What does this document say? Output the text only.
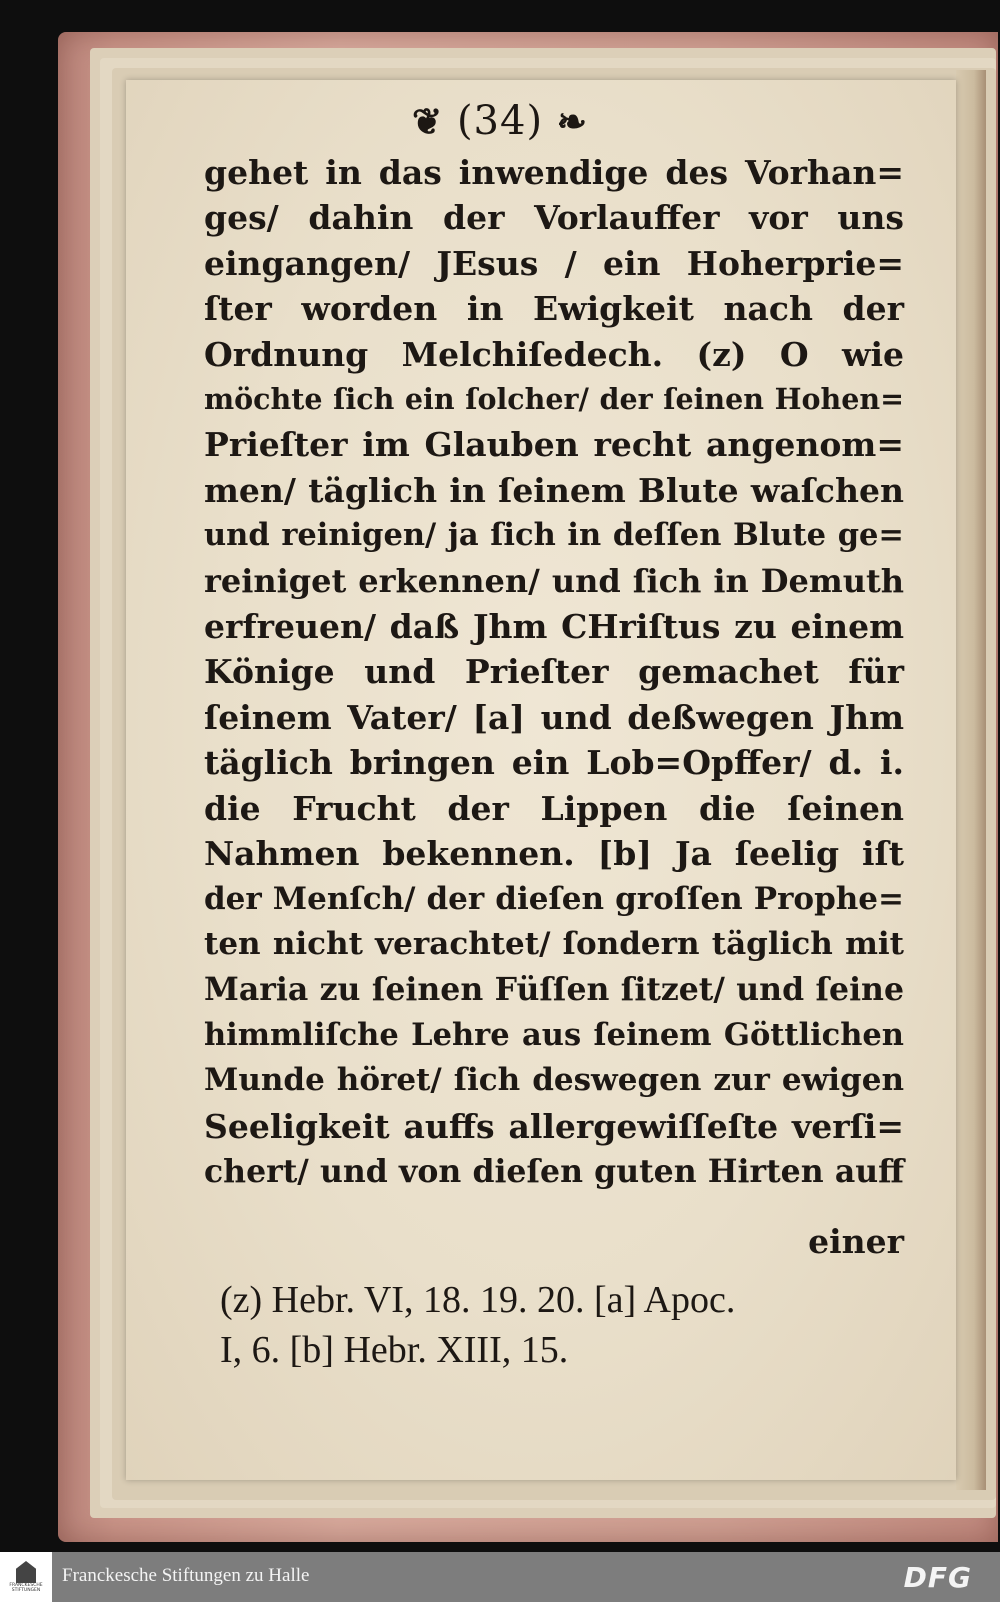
❦ (34) ❧
gehet in das inwendige des Vorhan=
ges/ dahin der Vorlauffer vor uns
eingangen/ JEsus / ein Hoherprie=
ſter worden in Ewigkeit nach der
Ordnung Melchiſedech. (z) O wie
möchte ſich ein ſolcher/ der ſeinen Hohen=
Prieſter im Glauben recht angenom=
men/ täglich in ſeinem Blute waſchen
und reinigen/ ja ſich in deſſen Blute ge=
reiniget erkennen/ und ſich in Demuth
erfreuen/ daß Jhm CHriſtus zu einem
Könige und Prieſter gemachet für
ſeinem Vater/ [a] und deßwegen Jhm
täglich bringen ein Lob=Opffer/ d. i.
die Frucht der Lippen die ſeinen
Nahmen bekennen. [b] Ja ſeelig iſt
der Menſch/ der dieſen groſſen Prophe=
ten nicht verachtet/ ſondern täglich mit
Maria zu ſeinen Füſſen ſitzet/ und ſeine
himmliſche Lehre aus ſeinem Göttlichen
Munde höret/ ſich deswegen zur ewigen
Seeligkeit auffs allergewiſſeſte verſi=
chert/ und von dieſen guten Hirten auff
einer
(z) Hebr. VI, 18. 19. 20. [a] Apoc.
I, 6. [b] Hebr. XIII, 15.
FRANCKESCHE
STIFTUNGEN
Franckesche Stiftungen zu Halle	DFG
